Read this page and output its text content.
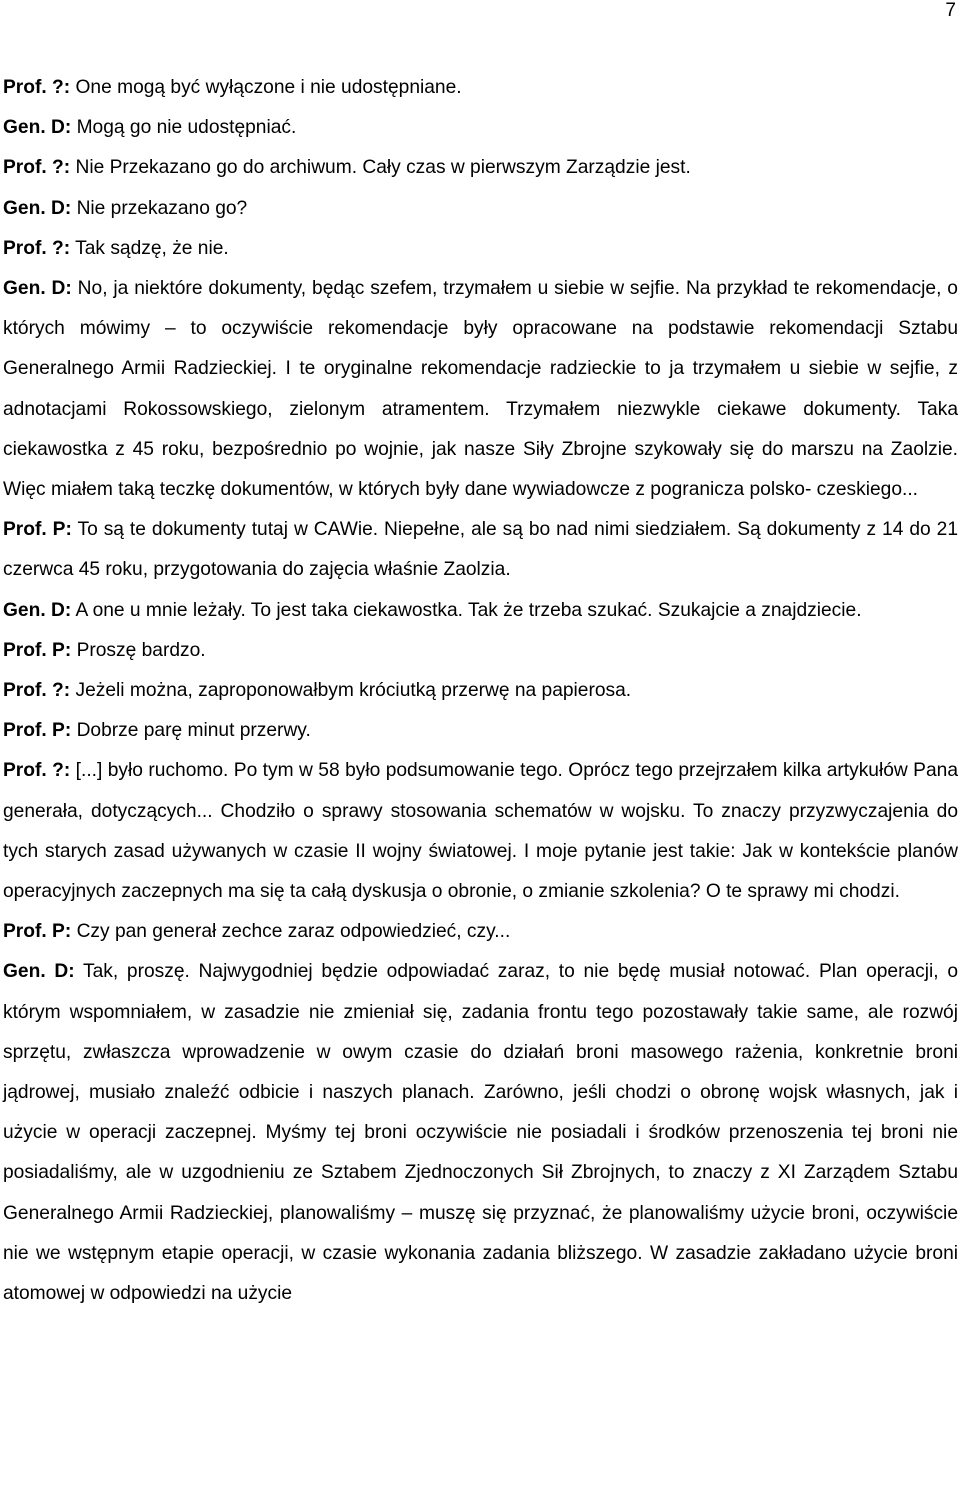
7

Prof. ?: One mogą być wyłączone i nie udostępniane.

Gen. D: Mogą go nie udostępniać.

Prof. ?: Nie Przekazano go do archiwum. Cały czas w pierwszym Zarządzie jest.

Gen. D: Nie przekazano go?

Prof. ?: Tak sądzę, że nie.

Gen. D: No, ja niektóre dokumenty, będąc szefem, trzymałem u siebie w sejfie. Na przykład te rekomendacje, o których mówimy – to oczywiście rekomendacje były opracowane na podstawie rekomendacji Sztabu Generalnego Armii Radzieckiej. I te oryginalne rekomendacje radzieckie to ja trzymałem u siebie w sejfie, z adnotacjami Rokossowskiego, zielonym atramentem. Trzymałem niezwykle ciekawe dokumenty. Taka ciekawostka z 45 roku, bezpośrednio po wojnie, jak nasze Siły Zbrojne szykowały się do marszu na Zaolzie. Więc miałem taką teczkę dokumentów, w których były dane wywiadowcze z pogranicza polsko- czeskiego...

Prof. P: To są te dokumenty tutaj w CAWie. Niepełne, ale są bo nad nimi siedziałem. Są dokumenty z 14 do 21 czerwca 45 roku, przygotowania do zajęcia właśnie Zaolzia.

Gen. D: A one u mnie leżały. To jest taka ciekawostka. Tak że trzeba szukać. Szukajcie a znajdziecie.

Prof. P: Proszę bardzo.

Prof. ?: Jeżeli można, zaproponowałbym króciutką przerwę na papierosa.

Prof. P: Dobrze parę minut przerwy.

Prof. ?: [...] było ruchomo. Po tym w 58 było podsumowanie tego. Oprócz tego przejrzałem kilka artykułów Pana generała, dotyczących... Chodziło o sprawy stosowania schematów w wojsku. To znaczy przyzwyczajenia do tych starych zasad używanych w czasie II wojny światowej. I moje pytanie jest takie: Jak w kontekście planów operacyjnych zaczepnych ma się ta całą dyskusja o obronie, o zmianie szkolenia? O te sprawy mi chodzi.

Prof. P: Czy pan generał zechce zaraz odpowiedzieć, czy...

Gen. D: Tak, proszę. Najwygodniej będzie odpowiadać zaraz, to nie będę musiał notować. Plan operacji, o którym wspomniałem, w zasadzie nie zmieniał się, zadania frontu tego pozostawały takie same, ale rozwój sprzętu, zwłaszcza wprowadzenie w owym czasie do działań broni masowego rażenia, konkretnie broni jądrowej, musiało znaleźć odbicie i naszych planach. Zarówno, jeśli chodzi o obronę wojsk własnych, jak i użycie w operacji zaczepnej. Myśmy tej broni oczywiście nie posiadali i środków przenoszenia tej broni nie posiadaliśmy, ale w uzgodnieniu ze Sztabem Zjednoczonych Sił Zbrojnych, to znaczy z XI Zarządem Sztabu Generalnego Armii Radzieckiej, planowaliśmy – muszę się przyznać, że planowaliśmy użycie broni, oczywiście nie we wstępnym etapie operacji, w czasie wykonania zadania bliższego. W zasadzie zakładano użycie broni atomowej w odpowiedzi na użycie
